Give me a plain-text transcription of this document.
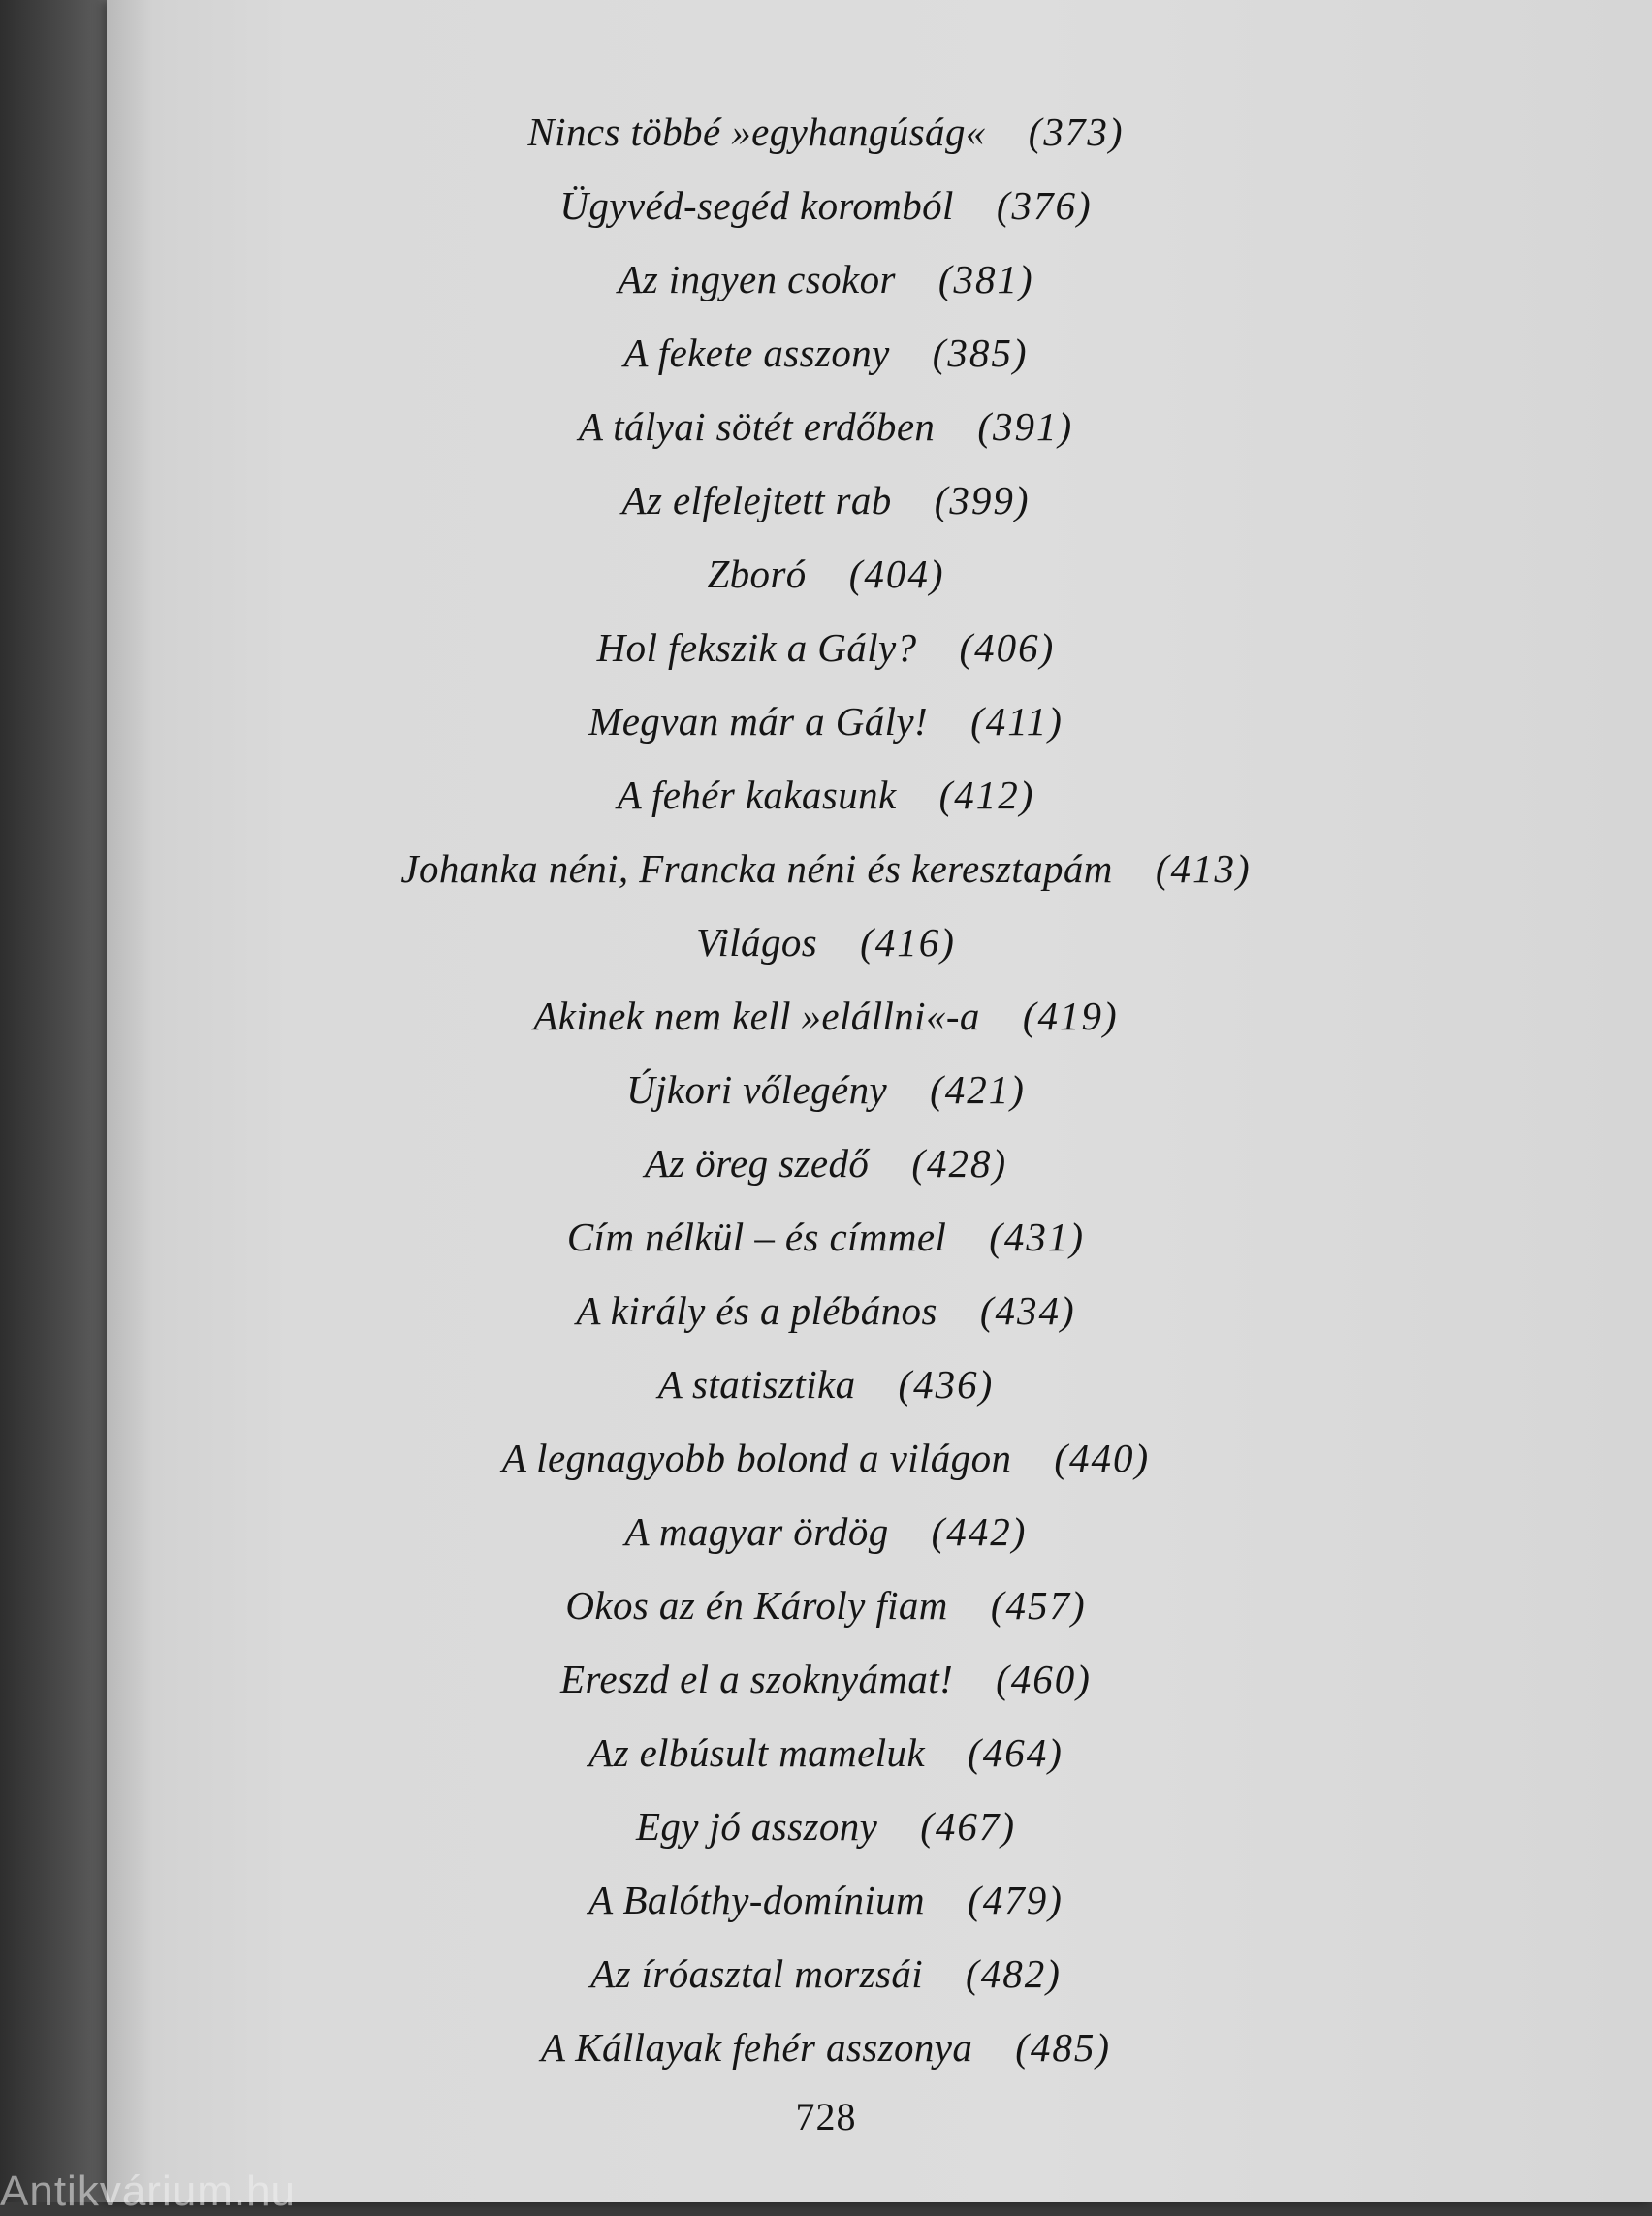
Nincs többé »egyhangúság« (373)
Ügyvéd-segéd koromból (376)
Az ingyen csokor (381)
A fekete asszony (385)
A tályai sötét erdőben (391)
Az elfelejtett rab (399)
Zboró (404)
Hol fekszik a Gály? (406)
Megvan már a Gály! (411)
A fehér kakasunk (412)
Johanka néni, Francka néni és keresztapám (413)
Világos (416)
Akinek nem kell »elállni«-a (419)
Újkori vőlegény (421)
Az öreg szedő (428)
Cím nélkül – és címmel (431)
A király és a plébános (434)
A statisztika (436)
A legnagyobb bolond a világon (440)
A magyar ördög (442)
Okos az én Károly fiam (457)
Ereszd el a szoknyámat! (460)
Az elbúsult mameluk (464)
Egy jó asszony (467)
A Balóthy-domínium (479)
Az íróasztal morzsái (482)
A Kállayak fehér asszonya (485)
728
Antikvárium.hu
